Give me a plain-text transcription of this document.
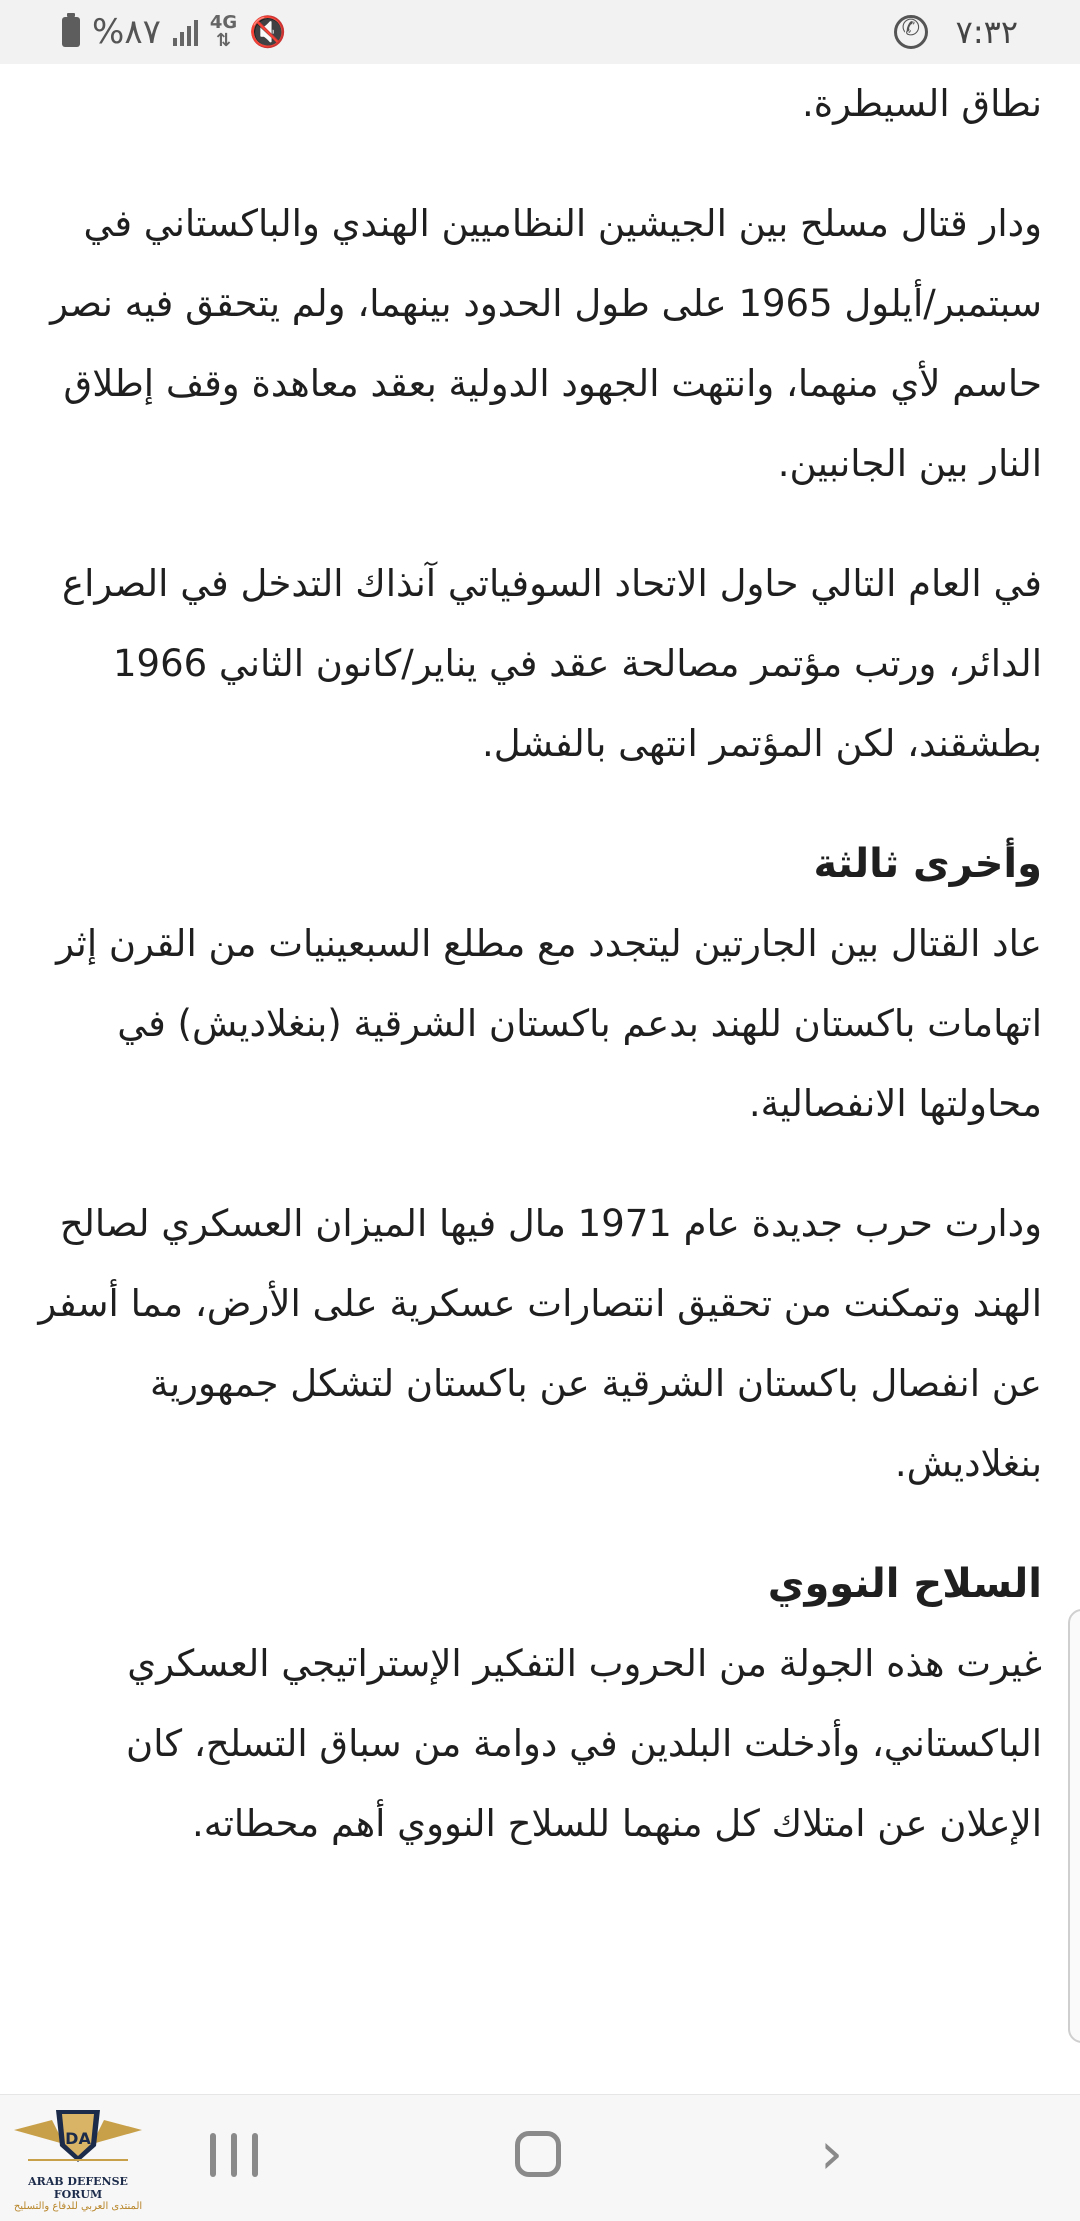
%٨٧	4G
⇅ 🔇
✆	٧:٣٢

نطاق السيطرة.

ودار قتال مسلح بين الجيشين النظاميين الهندي والباكستاني في سبتمبر/أيلول 1965 على طول الحدود بينهما، ولم يتحقق فيه نصر حاسم لأي منهما، وانتهت الجهود الدولية بعقد معاهدة وقف إطلاق النار بين الجانبين.

في العام التالي حاول الاتحاد السوفياتي آنذاك التدخل في الصراع الدائر، ورتب مؤتمر مصالحة عقد في يناير/كانون الثاني 1966 بطشقند، لكن المؤتمر انتهى بالفشل.

وأخرى ثالثة

عاد القتال بين الجارتين ليتجدد مع مطلع السبعينيات من القرن إثر اتهامات باكستان للهند بدعم باكستان الشرقية (بنغلاديش) في محاولتها الانفصالية.

ودارت حرب جديدة عام 1971 مال فيها الميزان العسكري لصالح الهند وتمكنت من تحقيق انتصارات عسكرية على الأرض، مما أسفر عن انفصال باكستان الشرقية عن باكستان لتشكل جمهورية بنغلاديش.

السلاح النووي

غيرت هذه الجولة من الحروب التفكير الإستراتيجي العسكري الباكستاني، وأدخلت البلدين في دوامة من سباق التسلح، كان الإعلان عن امتلاك كل منهما للسلاح النووي أهم محطاته.

›
DA
ARAB DEFENSE FORUM
المنتدى العربي للدفاع والتسليح
